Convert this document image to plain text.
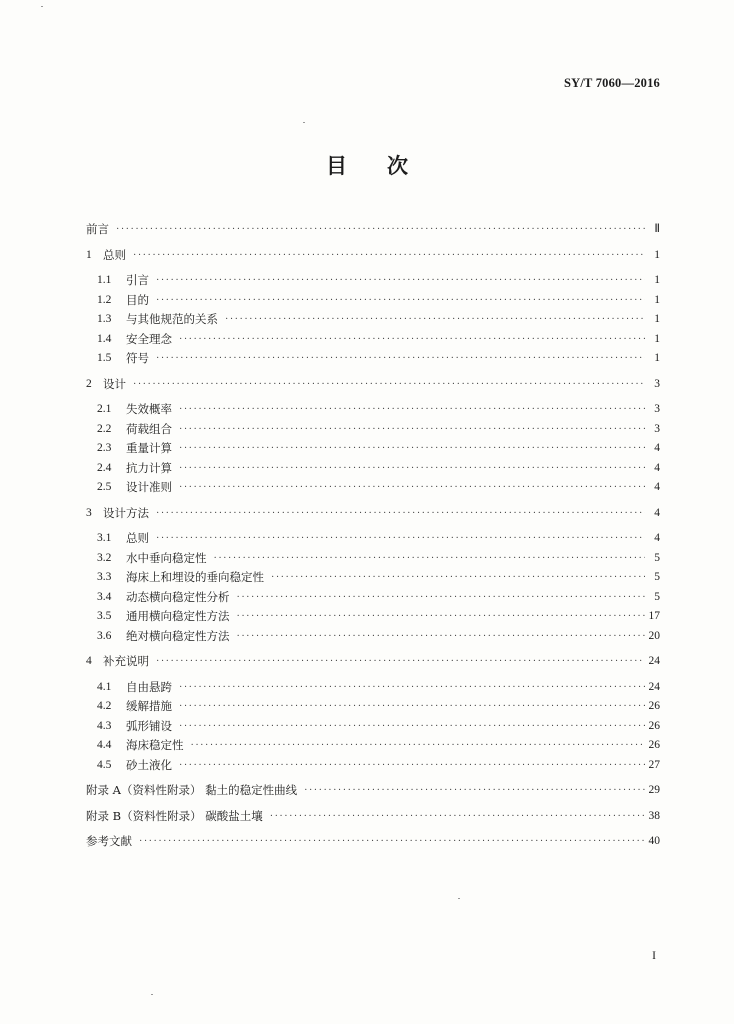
SY/T 7060—2016
目 次
前言 · · ·	Ⅱ
1 总则 · · ·	1
1.1	引言 · · ·	1
1.2	目的 · · ·	1
1.3	与其他规范的关系 · · ·	1
1.4	安全理念 · · ·	1
1.5	符号 · · ·	1
2 设计 · · ·	3
2.1	失效概率 · · ·	3
2.2	荷载组合 · · ·	3
2.3	重量计算 · · ·	4
2.4	抗力计算 · · ·	4
2.5	设计准则 · · ·	4
3 设计方法 · · ·	4
3.1	总则 · · ·	4
3.2	水中垂向稳定性 · · ·	5
3.3	海床上和埋设的垂向稳定性 · · ·	5
3.4	动态横向稳定性分析 · · ·	5
3.5	通用横向稳定性方法 · · ·	17
3.6	绝对横向稳定性方法 · · ·	20
4 补充说明 · · ·	24
4.1	自由悬跨 · · ·	24
4.2	缓解措施 · · ·	26
4.3	弧形铺设 · · ·	26
4.4	海床稳定性 · · ·	26
4.5	砂土液化 · · ·	27
附录 A（资料性附录） 黏土的稳定性曲线 · · ·	29
附录 B（资料性附录） 碳酸盐土壤 · · ·	38
参考文献 · · ·	40
I
